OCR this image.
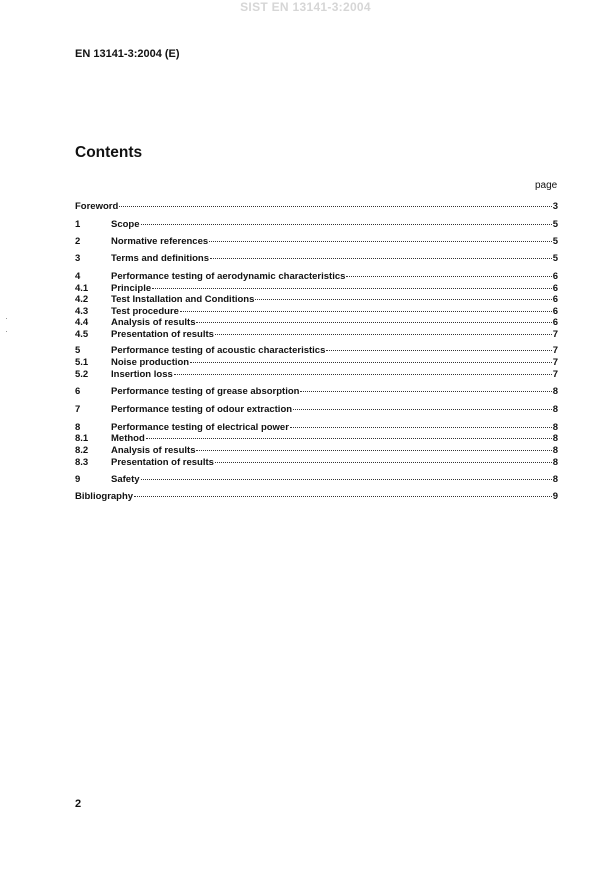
SIST EN 13141-3:2004
EN 13141-3:2004 (E)
Contents
page
Foreword	3
1	Scope	5
2	Normative references	5
3	Terms and definitions	5
4	Performance testing of aerodynamic characteristics	6
4.1	Principle	6
4.2	Test Installation and Conditions	6
4.3	Test procedure	6
4.4	Analysis of results	6
4.5	Presentation of results	7
5	Performance testing of acoustic characteristics	7
5.1	Noise production	7
5.2	Insertion loss	7
6	Performance testing of grease absorption	8
7	Performance testing of odour extraction	8
8	Performance testing of electrical power	8
8.1	Method	8
8.2	Analysis of results	8
8.3	Presentation of results	8
9	Safety	8
Bibliography	9
2
